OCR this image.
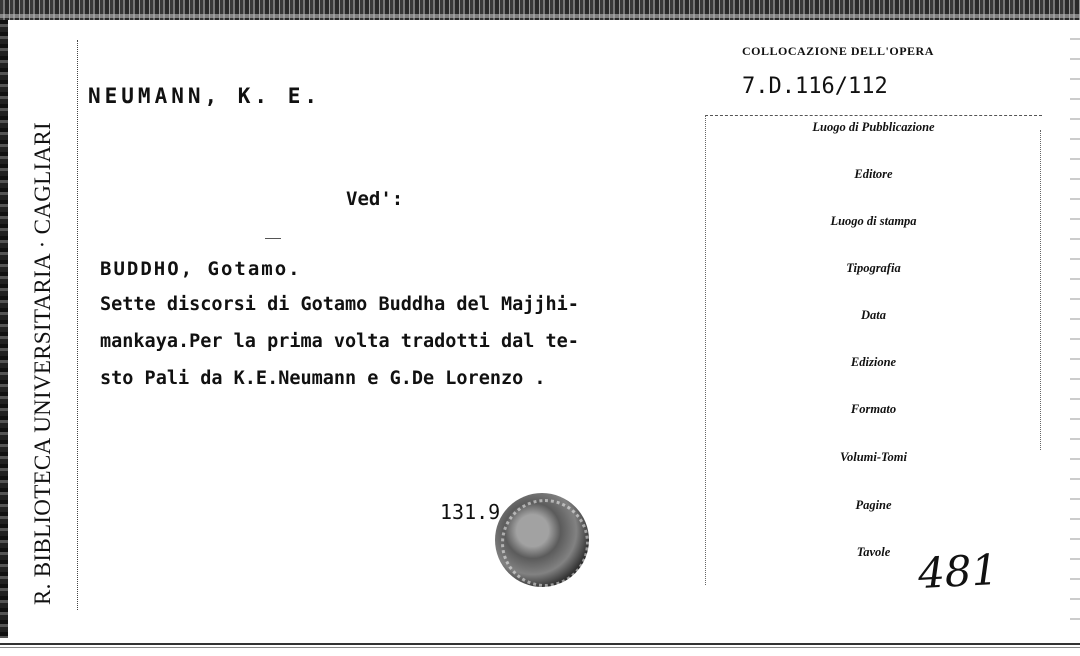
R. BIBLIOTECA UNIVERSITARIA · CAGLIARI
NEUMANN, K. E.
Ved':
BUDDHO, Gotamo.
Sette discorsi di Gotamo Buddha del Majjhi-
mankaya.Per la prima volta tradotti dal te-
sto Pali da K.E.Neumann e G.De Lorenzo .
COLLOCAZIONE DELL'OPERA
7.D.116/112
Luogo di Pubblicazione
Editore
Luogo di stampa
Tipografia
Data
Edizione
Formato
Volumi-Tomi
Pagine
Tavole
131.9
481
